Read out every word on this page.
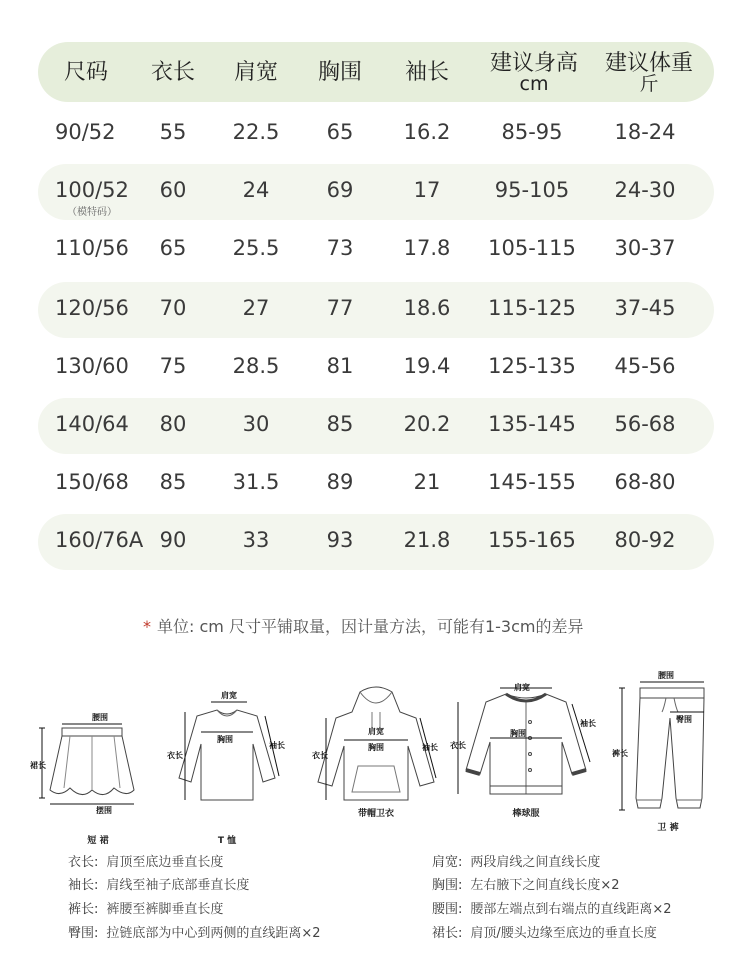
尺码 衣长 肩宽 胸围 袖长 建议身高
cm
建议体重
斤
90/52 55 22.5 65 16.2 85-95 18-24
100/52 60	24	69	17	95-105 24-30
110/56 65 25.5 73 17.8 105-115 30-37
120/56 70	27	77 18.6 115-125 37-45
130/60 75 28.5 81 19.4 125-135 45-56
140/64 80	30	85 20.2 135-145 56-68
150/68 85 31.5 89	21 145-155 68-80
160/76A 90	33	93 21.8 155-165 80-92
（模特码）
* 单位: cm 尺寸平铺取量，因计量方法，可能有1-3cm的差异
腰围
裙长
摆围
短 裙
肩宽
胸围
衣长
袖长
T 恤
肩宽
胸围
衣长
袖长
带帽卫衣
肩宽
胸围
衣长
袖长
棒球服
腰围
臀围
裤长
卫 裤
衣长: 肩顶至底边垂直长度	肩宽: 两段肩线之间直线长度
袖长: 肩线至袖子底部垂直长度	胸围: 左右腋下之间直线长度×2
裤长: 裤腰至裤脚垂直长度	腰围: 腰部左端点到右端点的直线距离×2
臀围: 拉链底部为中心到两侧的直线距离×2	裙长: 肩顶/腰头边缘至底边的垂直长度
